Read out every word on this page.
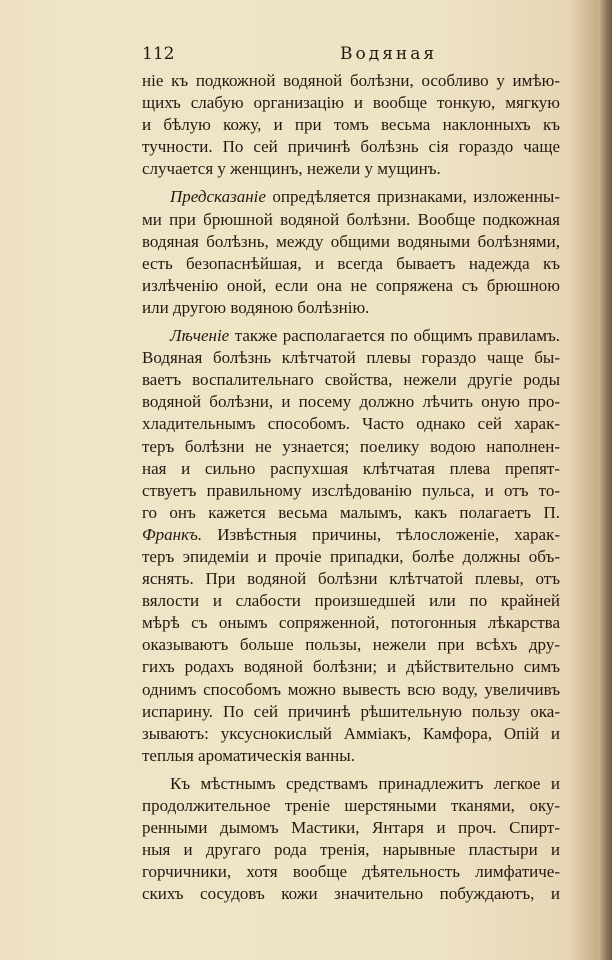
112	Водяная
ніе къ подкожной водяной болѣзни, особливо у имѣю-
щихъ слабую организацію и вообще тонкую, мягкую
и бѣлую кожу, и при томъ весьма наклонныхъ къ
тучности. По сей причинѣ болѣзнь сія гораздо чаще
случается у женщинъ, нежели у мущинъ.
Предсказаніе опредѣляется признаками, изложенны-
ми при брюшной водяной болѣзни. Вообще подкожная
водяная болѣзнь, между общими водяными болѣзнями,
есть безопаснѣйшая, и всегда бываетъ надежда къ
излѣченію оной, если она не сопряжена съ брюшною
или другою водяною болѣзнію.
Лѣченіе также располагается по общимъ правиламъ.
Водяная болѣзнь клѣтчатой плевы гораздо чаще бы-
ваетъ воспалительнаго свойства, нежели другіе роды
водяной болѣзни, и посему должно лѣчить оную про-
хладительнымъ способомъ. Часто однако сей харак-
теръ болѣзни не узнается; поелику водою наполнен-
ная и сильно распухшая клѣтчатая плева препят-
ствуетъ правильному изслѣдованію пульса, и отъ то-
го онъ кажется весьма малымъ, какъ полагаетъ П.
Франкъ. Извѣстныя причины, тѣлосложеніе, харак-
теръ эпидеміи и прочіе припадки, болѣе должны объ-
яснять. При водяной болѣзни клѣтчатой плевы, отъ
вялости и слабости произшедшей или по крайней
мѣрѣ съ онымъ сопряженной, потогонныя лѣкарства
оказываютъ больше пользы, нежели при всѣхъ дру-
гихъ родахъ водяной болѣзни; и дѣйствительно симъ
однимъ способомъ можно вывесть всю воду, увеличивъ
испарину. По сей причинѣ рѣшительную пользу ока-
зываютъ: уксуснокислый Амміакъ, Камфора, Опій и
теплыя ароматическія ванны.
Къ мѣстнымъ средствамъ принадлежитъ легкое и
продолжительное треніе шерстяными тканями, оку-
ренными дымомъ Мастики, Янтаря и проч. Спирт-
ныя и другаго рода тренія, нарывные пластыри и
горчичники, хотя вообще дѣятельность лимфатиче-
скихъ сосудовъ кожи значительно побуждаютъ, и
